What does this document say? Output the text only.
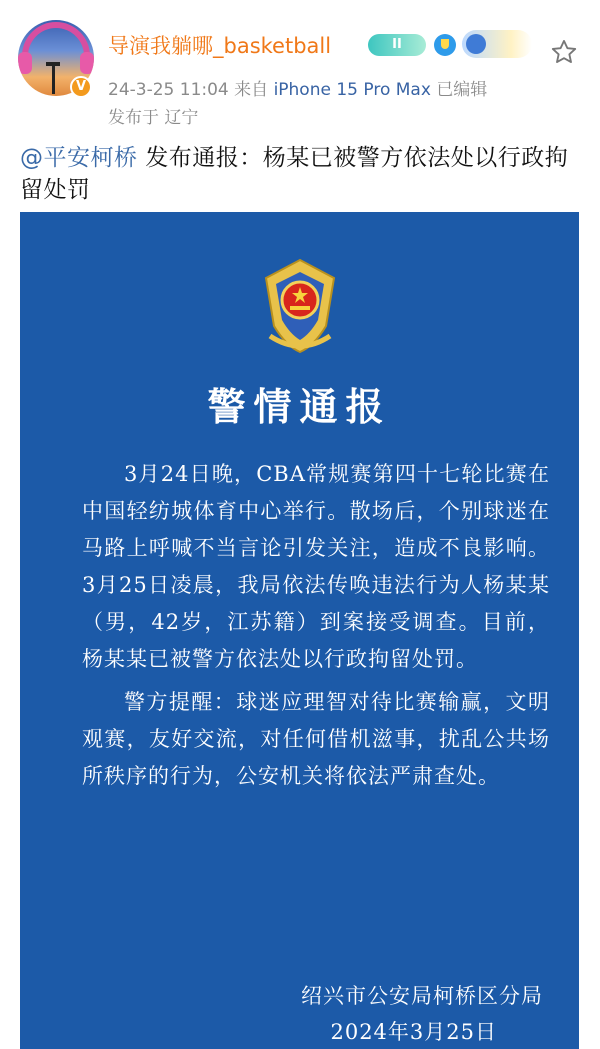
V
导演我躺哪_basketball	II
24-3-25 11:04 来自 iPhone 15 Pro Max 已编辑
发布于 辽宁
@平安柯桥 发布通报：杨某已被警方依法处以行政拘留处罚
警情通报

3月24日晚，CBA常规赛第四十七轮比赛在中国轻纺城体育中心举行。散场后，个别球迷在马路上呼喊不当言论引发关注，造成不良影响。3月25日凌晨，我局依法传唤违法行为人杨某某（男，42岁，江苏籍）到案接受调查。目前，杨某某已被警方依法处以行政拘留处罚。

警方提醒：球迷应理智对待比赛输赢，文明观赛，友好交流，对任何借机滋事，扰乱公共场所秩序的行为，公安机关将依法严肃查处。

绍兴市公安局柯桥区分局
2024年3月25日
